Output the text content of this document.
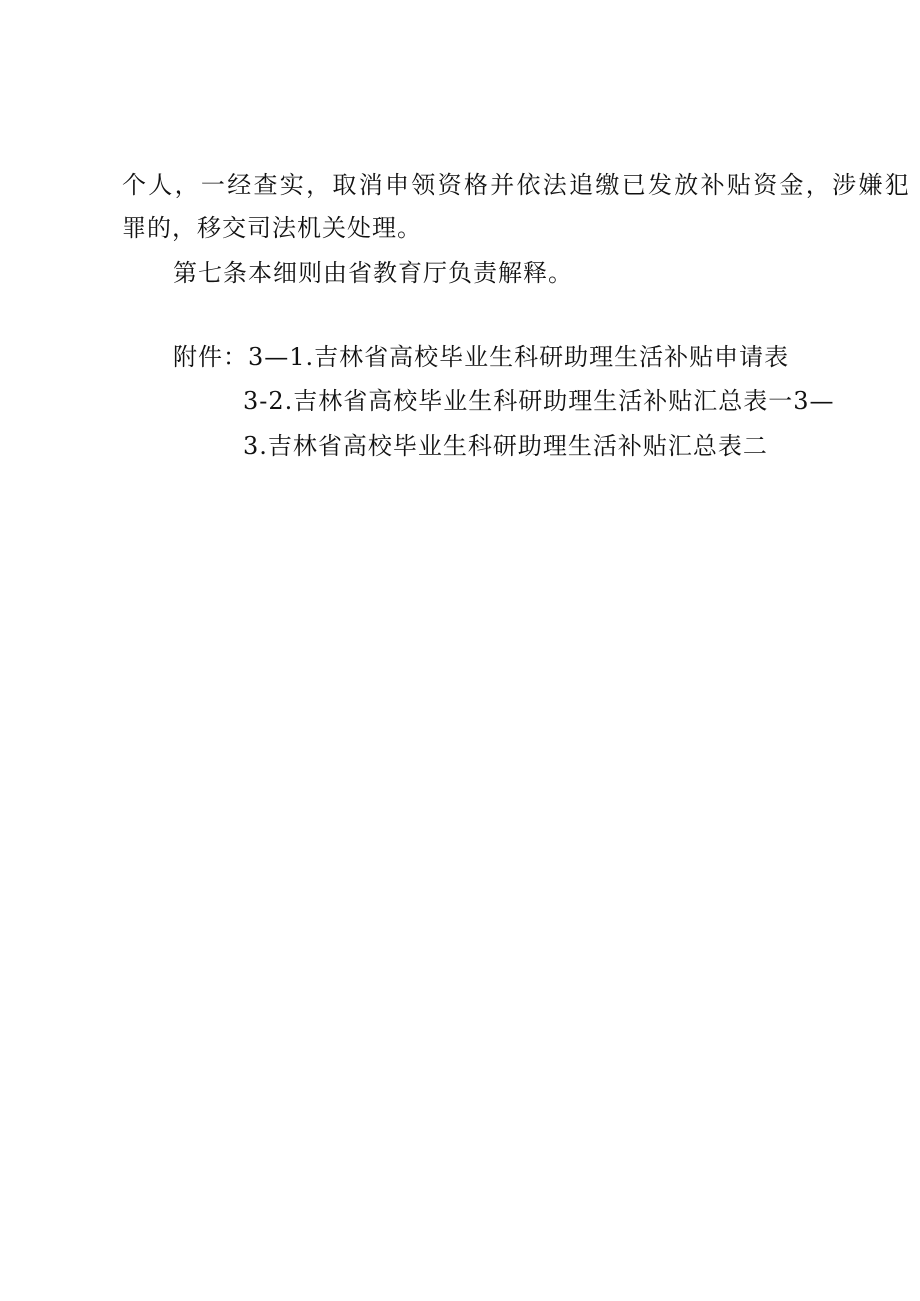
个人，一经查实，取消申领资格并依法追缴已发放补贴资金，涉嫌犯
罪的，移交司法机关处理。
第七条本细则由省教育厅负责解释。
附件：3—1.吉林省高校毕业生科研助理生活补贴申请表
3-2.吉林省高校毕业生科研助理生活补贴汇总表一3—
3.吉林省高校毕业生科研助理生活补贴汇总表二
